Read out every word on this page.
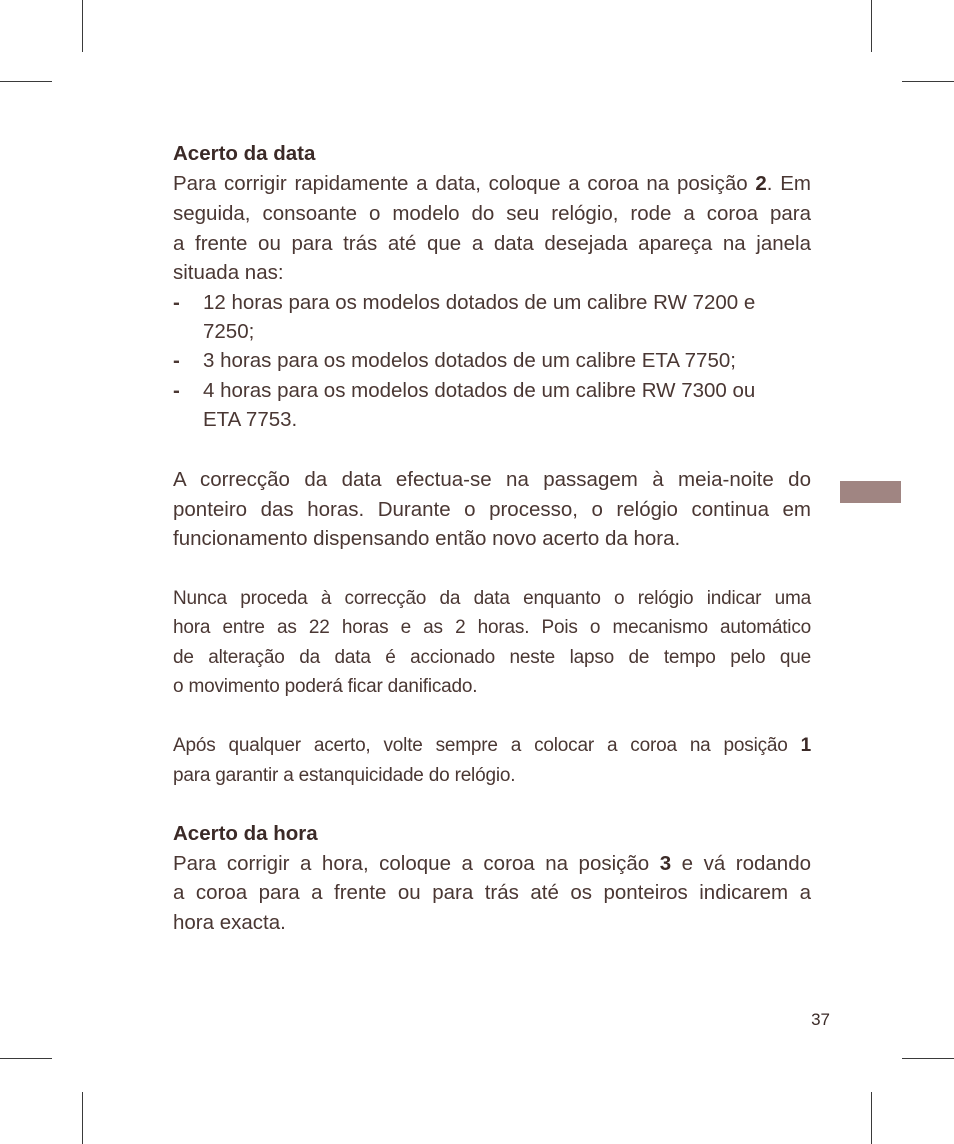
Acerto da data
Para corrigir rapidamente a data, coloque a coroa na posição 2. Em
seguida, consoante o modelo do seu relógio, rode a coroa para
a frente ou para trás até que a data desejada apareça na janela
situada nas:
-	12 horas para os modelos dotados de um calibre RW 7200 e
7250;
-	3 horas para os modelos dotados de um calibre ETA 7750;
-	4 horas para os modelos dotados de um calibre RW 7300 ou
ETA 7753.
A correcção da data efectua-se na passagem à meia-noite do
ponteiro das horas. Durante o processo, o relógio continua em
funcionamento dispensando então novo acerto da hora.
Nunca proceda à correcção da data enquanto o relógio indicar uma
hora entre as 22 horas e as 2 horas. Pois o mecanismo automático
de alteração da data é accionado neste lapso de tempo pelo que
o movimento poderá ficar danificado.
Após qualquer acerto, volte sempre a colocar a coroa na posição 1
para garantir a estanquicidade do relógio.
Acerto da hora
Para corrigir a hora, coloque a coroa na posição 3 e vá rodando
a coroa para a frente ou para trás até os ponteiros indicarem a
hora exacta.
37
